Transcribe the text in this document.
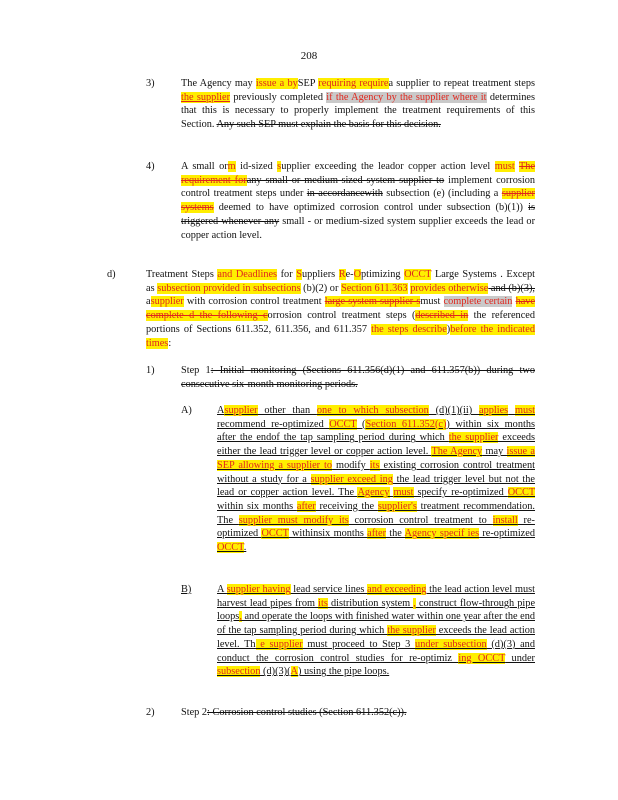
208
3)	The Agency may issue a bySEP requiring requirea supplier to repeat treatment steps the supplier previously completed if the Agency by the supplier where it determines that this is necessary to properly implement the treatment requirements of this Section. Any such SEP must explain the basis for this decision.
4)	A small orm id-sized supplier exceeding the leador copper action level must The requirement forany small or medium-sized system supplier to implement corrosion control treatment steps under in accordancewith subsection (e) (including a supplier systems deemed to have optimized corrosion control under subsection (b)(1)) is triggered whenever any small - or medium-sized system supplier exceeds the lead or copper action level.
d)	Treatment Steps and Deadlines for Suppliers Re-Optimizing OCCT Large Systems . Except as subsection provided in subsections (b)(2) or Section 611.363 provides otherwise and (b)(3), asupplier with corrosion control treatment large system supplier smust complete certain have complete d the following corrosion control treatment steps (described in the referenced portions of Sections 611.352, 611.356, and 611.357 the steps describe)before the indicated times:
1)	Step 1: Initial monitoring (Sections 611.356(d)(1) and 611.357(b)) during two consecutive six-month monitoring periods.
A) Asupplier other than one to which subsection (d)(1)(ii) applies must recommend re-optimized OCCT (Section 611.352(c)) within six months after the endof the tap sampling period during which the supplier exceeds either the lead trigger level or copper action level. The Agency may issue a SEP allowing a supplier to modify its existing corrosion control treatment without a study for a supplier exceed ing the lead trigger level but not the lead or copper action level. The Agency must specify re-optimized OCCT within six months after receiving the supplier's treatment recommendation. The supplier must modify its corrosion control treatment to install re-optimized OCCT withinsix months after the Agency specif ies re-optimized OCCT.
B) A supplier having lead service lines and exceeding the lead action level must harvest lead pipes from its distribution system , construct flow-through pipe loops, and operate the loops with finished water within one year after the end of the tap sampling period during which the supplier exceeds the lead action level. Th e supplier must proceed to Step 3 under subsection (d)(3) and conduct the corrosion control studies for re-optimiz ing OCCT under subsection (d)(3)(A) using the pipe loops.
2)	Step 2: Corrosion control studies (Section 611.352(c)).
